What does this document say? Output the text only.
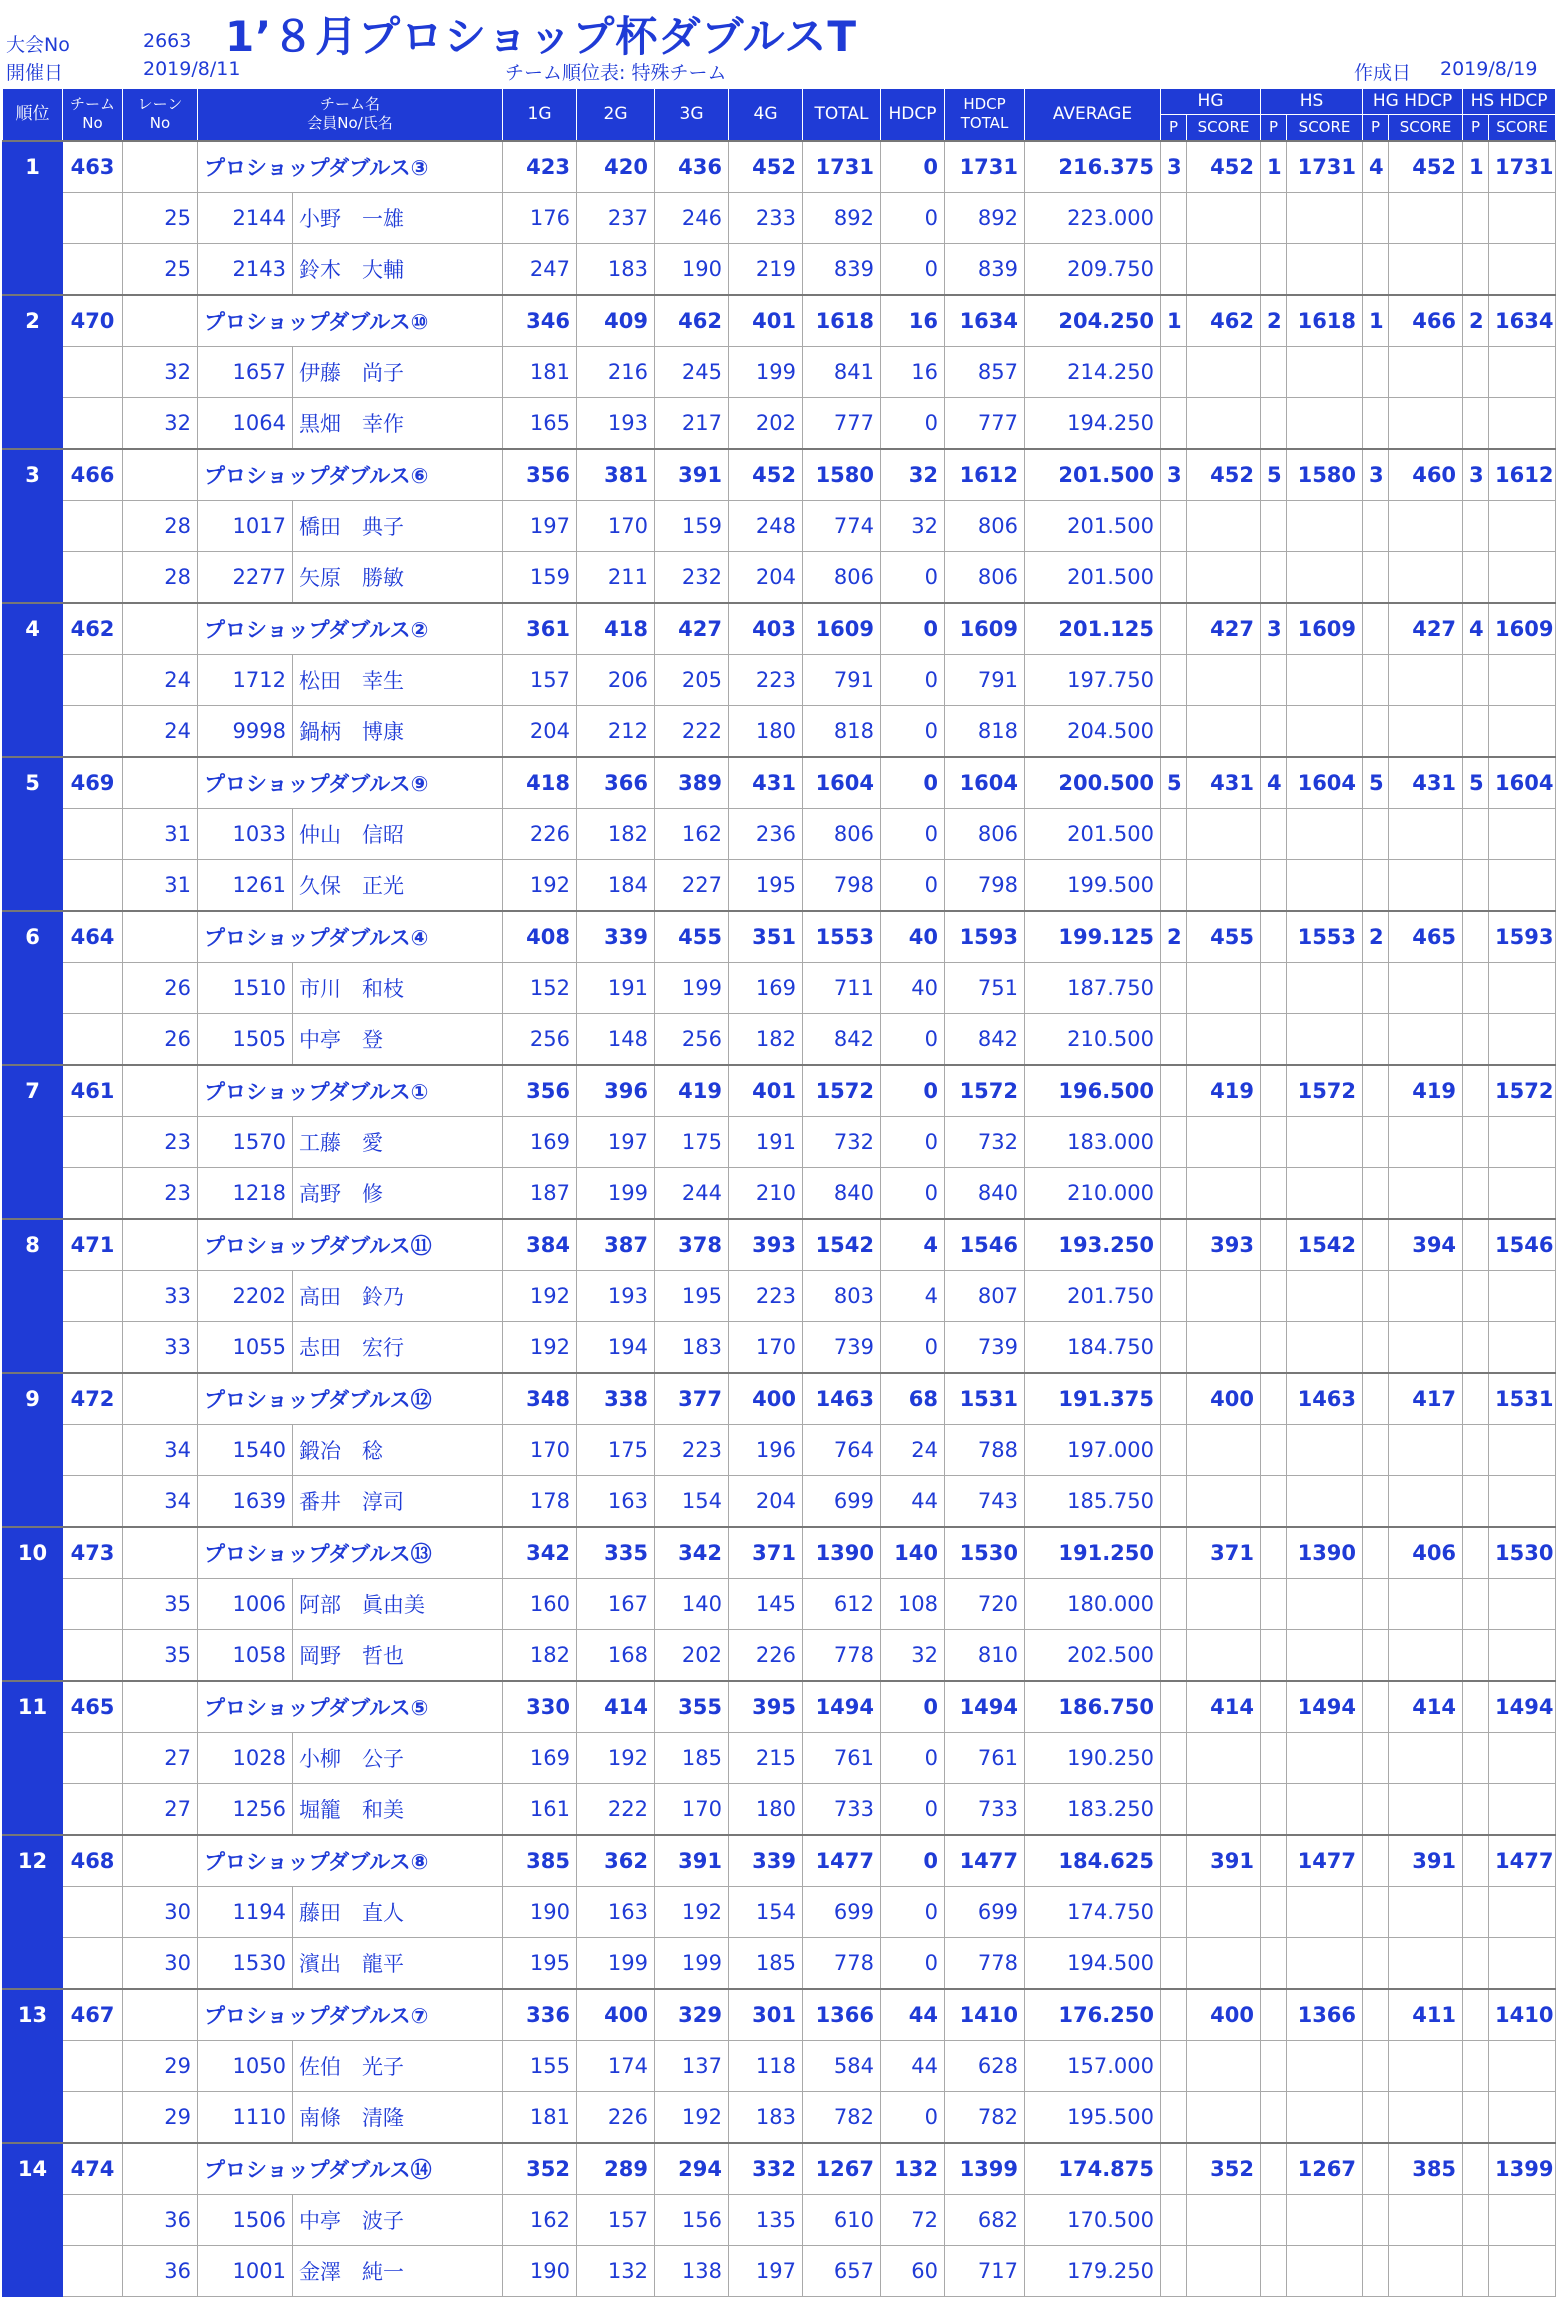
大会No	2663 1’８月プロショップ杯ダブルスT
開催日	2019/8/11	チーム順位表: 特殊チーム	作成日 2019/8/19
順位	チーム
No	レーン
No	チーム名
会員No/氏名		1G	2G	3G	4G	TOTAL	HDCP	HDCP
TOTAL	AVERAGE	HG		HS		HG HDCP		HS HDCP	
													P	SCORE	P	SCORE	P	SCORE	P	SCORE
1	463		プロショップダブルス③		423	420	436	452	1731	0	1731	216.375	3	452	1	1731	4	452	1	1731
		25	2144	小野　一雄	176	237	246	233	892	0	892	223.000								
		25	2143	鈴木　大輔	247	183	190	219	839	0	839	209.750								
2	470		プロショップダブルス⑩		346	409	462	401	1618	16	1634	204.250	1	462	2	1618	1	466	2	1634
		32	1657	伊藤　尚子	181	216	245	199	841	16	857	214.250								
		32	1064	黒畑　幸作	165	193	217	202	777	0	777	194.250								
3	466		プロショップダブルス⑥		356	381	391	452	1580	32	1612	201.500	3	452	5	1580	3	460	3	1612
		28	1017	橋田　典子	197	170	159	248	774	32	806	201.500								
		28	2277	矢原　勝敏	159	211	232	204	806	0	806	201.500								
4	462		プロショップダブルス②		361	418	427	403	1609	0	1609	201.125		427	3	1609		427	4	1609
		24	1712	松田　幸生	157	206	205	223	791	0	791	197.750								
		24	9998	鍋柄　博康	204	212	222	180	818	0	818	204.500								
5	469		プロショップダブルス⑨		418	366	389	431	1604	0	1604	200.500	5	431	4	1604	5	431	5	1604
		31	1033	仲山　信昭	226	182	162	236	806	0	806	201.500								
		31	1261	久保　正光	192	184	227	195	798	0	798	199.500								
6	464		プロショップダブルス④		408	339	455	351	1553	40	1593	199.125	2	455		1553	2	465		1593
		26	1510	市川　和枝	152	191	199	169	711	40	751	187.750								
		26	1505	中亭　登	256	148	256	182	842	0	842	210.500								
7	461		プロショップダブルス①		356	396	419	401	1572	0	1572	196.500		419		1572		419		1572
		23	1570	工藤　愛	169	197	175	191	732	0	732	183.000								
		23	1218	高野　修	187	199	244	210	840	0	840	210.000								
8	471		プロショップダブルス⑪		384	387	378	393	1542	4	1546	193.250		393		1542		394		1546
		33	2202	高田　鈴乃	192	193	195	223	803	4	807	201.750								
		33	1055	志田　宏行	192	194	183	170	739	0	739	184.750								
9	472		プロショップダブルス⑫		348	338	377	400	1463	68	1531	191.375		400		1463		417		1531
		34	1540	鍛冶　稔	170	175	223	196	764	24	788	197.000								
		34	1639	番井　淳司	178	163	154	204	699	44	743	185.750								
10	473		プロショップダブルス⑬		342	335	342	371	1390	140	1530	191.250		371		1390		406		1530
		35	1006	阿部　眞由美	160	167	140	145	612	108	720	180.000								
		35	1058	岡野　哲也	182	168	202	226	778	32	810	202.500								
11	465		プロショップダブルス⑤		330	414	355	395	1494	0	1494	186.750		414		1494		414		1494
		27	1028	小柳　公子	169	192	185	215	761	0	761	190.250								
		27	1256	堀籠　和美	161	222	170	180	733	0	733	183.250								
12	468		プロショップダブルス⑧		385	362	391	339	1477	0	1477	184.625		391		1477		391		1477
		30	1194	藤田　直人	190	163	192	154	699	0	699	174.750								
		30	1530	濱出　龍平	195	199	199	185	778	0	778	194.500								
13	467		プロショップダブルス⑦		336	400	329	301	1366	44	1410	176.250		400		1366		411		1410
		29	1050	佐伯　光子	155	174	137	118	584	44	628	157.000								
		29	1110	南條　清隆	181	226	192	183	782	0	782	195.500								
14	474		プロショップダブルス⑭		352	289	294	332	1267	132	1399	174.875		352		1267		385		1399
		36	1506	中亭　波子	162	157	156	135	610	72	682	170.500								
		36	1001	金澤　純一	190	132	138	197	657	60	717	179.250								
